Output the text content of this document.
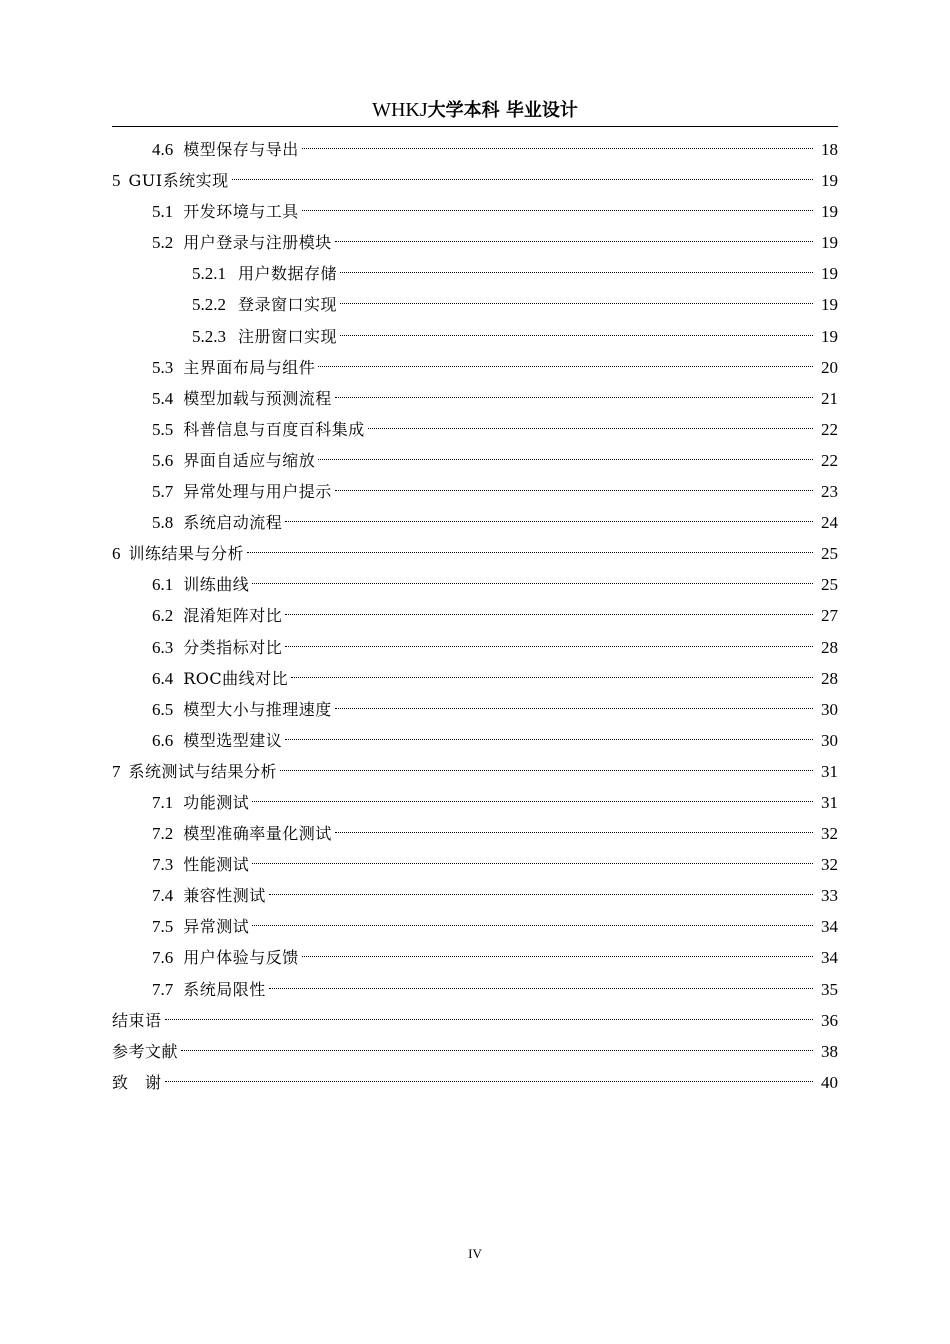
WHKJ大学本科 毕业设计
4.6 模型保存与导出	18
5 GUI系统实现	19
5.1 开发环境与工具	19
5.2 用户登录与注册模块	19
5.2.1 用户数据存储	19
5.2.2 登录窗口实现	19
5.2.3 注册窗口实现	19
5.3 主界面布局与组件	20
5.4 模型加载与预测流程	21
5.5 科普信息与百度百科集成	22
5.6 界面自适应与缩放	22
5.7 异常处理与用户提示	23
5.8 系统启动流程	24
6 训练结果与分析	25
6.1 训练曲线	25
6.2 混淆矩阵对比	27
6.3 分类指标对比	28
6.4 ROC曲线对比	28
6.5 模型大小与推理速度	30
6.6 模型选型建议	30
7 系统测试与结果分析	31
7.1 功能测试	31
7.2 模型准确率量化测试	32
7.3 性能测试	32
7.4 兼容性测试	33
7.5 异常测试	34
7.6 用户体验与反馈	34
7.7 系统局限性	35
结束语	36
参考文献	38
致　谢	40
IV
